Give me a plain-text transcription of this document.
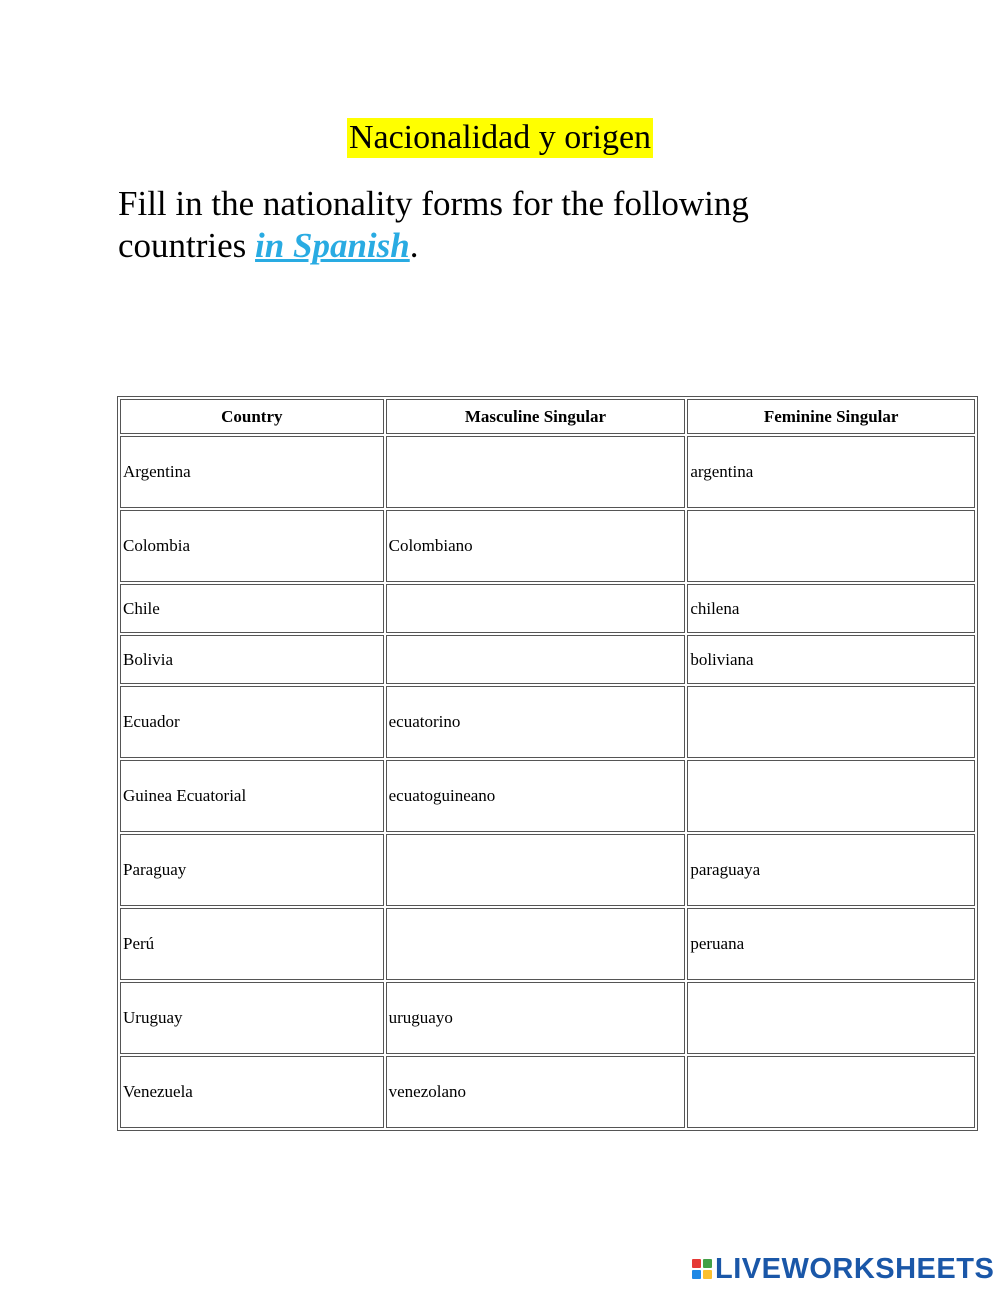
Nacionalidad y origen
Fill in the nationality forms for the following countries in Spanish.
Country	Masculine Singular	Feminine Singular
Argentina		argentina
Colombia	Colombiano	
Chile		chilena
Bolivia		boliviana
Ecuador	ecuatorino	
Guinea Ecuatorial	ecuatoguineano	
Paraguay		paraguaya
Perú		peruana
Uruguay	uruguayo	
Venezuela	venezolano	
LIVEWORKSHEETS
